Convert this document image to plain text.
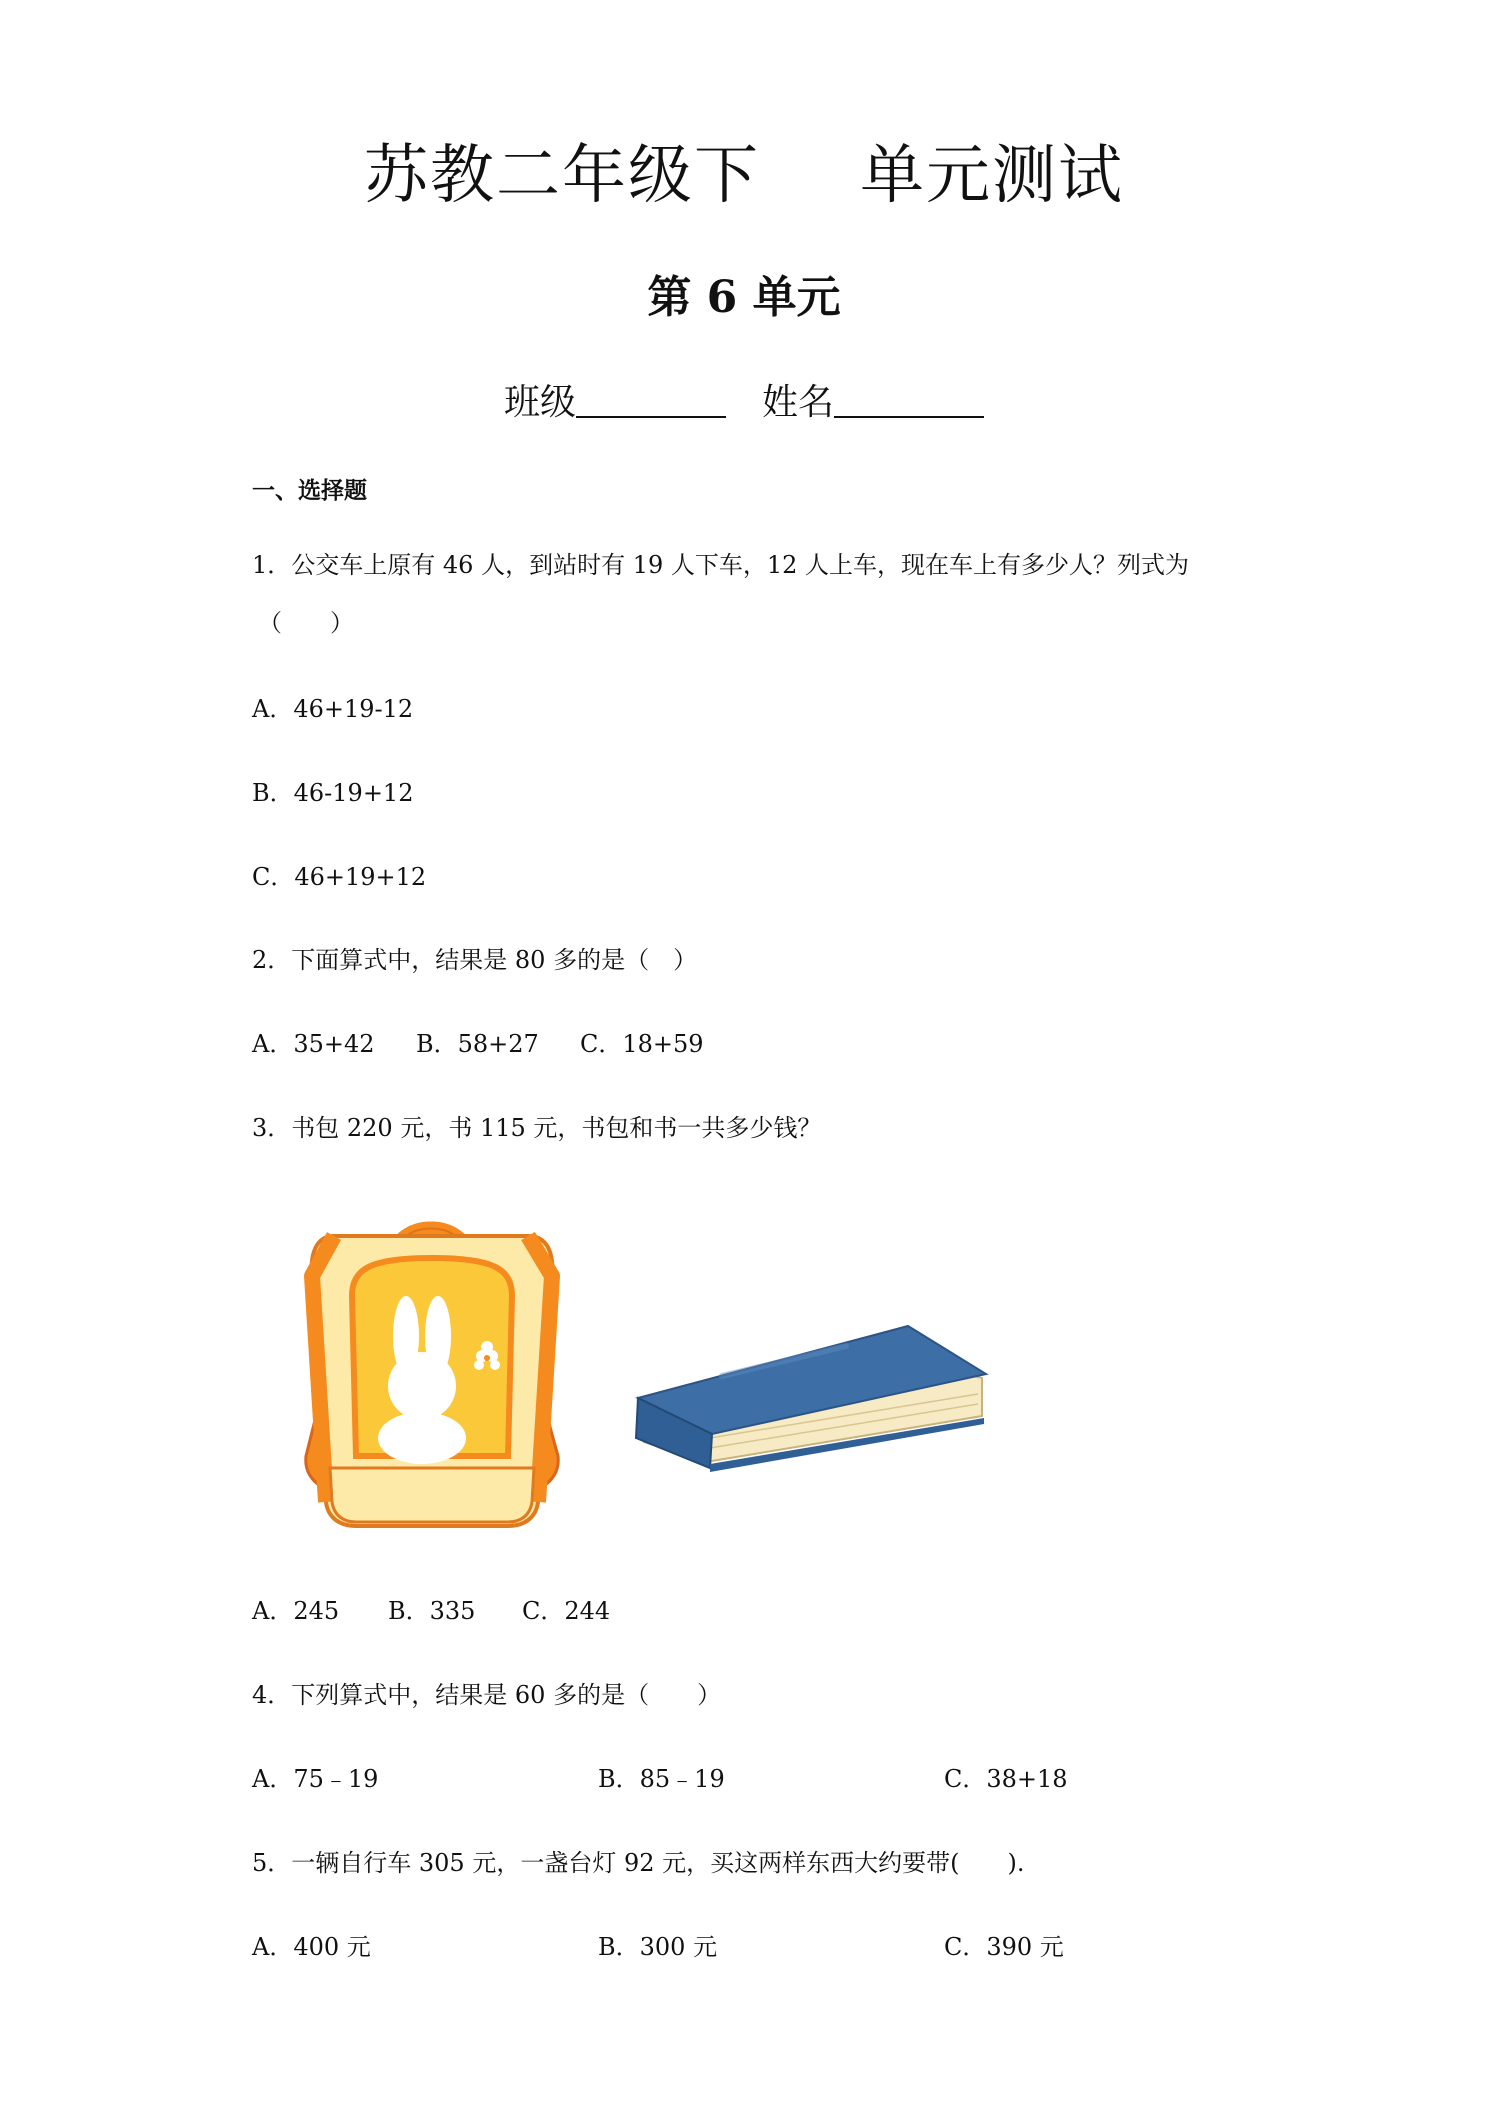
苏教二年级下 单元测试
第 6 单元
班级	姓名
一、选择题
1．公交车上原有 46 人，到站时有 19 人下车，12 人上车，现在车上有多少人？列式为
（　　）
A．46+19-12
B．46-19+12
C．46+19+12
2．下面算式中，结果是 80 多的是（　）
A．35+42 B．58+27 C．18+59
3．书包 220 元，书 115 元，书包和书一共多少钱？
A．245 B．335 C．244
4．下列算式中，结果是 60 多的是（　　）
A．75﹣19	B．85﹣19	C．38+18
5．一辆自行车 305 元，一盏台灯 92 元，买这两样东西大约要带(　　).
A．400 元	B．300 元	C．390 元
